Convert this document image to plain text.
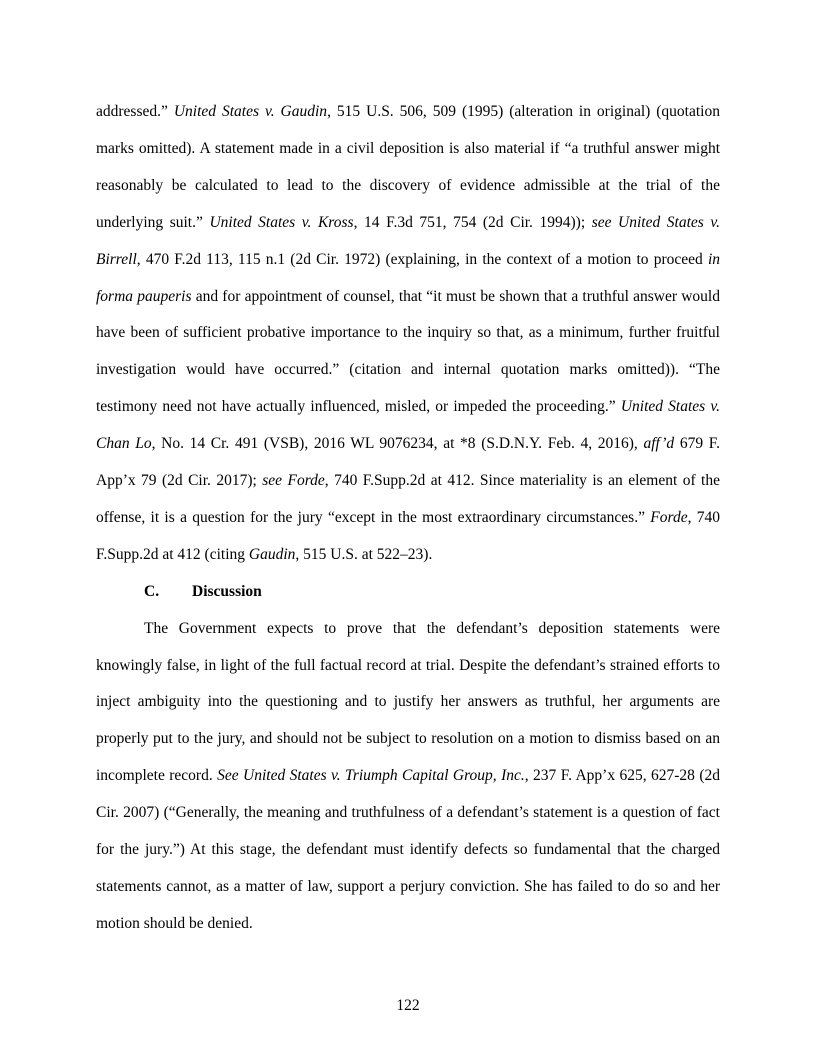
addressed.” United States v. Gaudin, 515 U.S. 506, 509 (1995) (alteration in original) (quotation marks omitted). A statement made in a civil deposition is also material if “a truthful answer might reasonably be calculated to lead to the discovery of evidence admissible at the trial of the underlying suit.” United States v. Kross, 14 F.3d 751, 754 (2d Cir. 1994)); see United States v. Birrell, 470 F.2d 113, 115 n.1 (2d Cir. 1972) (explaining, in the context of a motion to proceed in forma pauperis and for appointment of counsel, that “it must be shown that a truthful answer would have been of sufficient probative importance to the inquiry so that, as a minimum, further fruitful investigation would have occurred.” (citation and internal quotation marks omitted)). “The testimony need not have actually influenced, misled, or impeded the proceeding.” United States v. Chan Lo, No. 14 Cr. 491 (VSB), 2016 WL 9076234, at *8 (S.D.N.Y. Feb. 4, 2016), aff’d 679 F. App’x 79 (2d Cir. 2017); see Forde, 740 F.Supp.2d at 412. Since materiality is an element of the offense, it is a question for the jury “except in the most extraordinary circumstances.” Forde, 740 F.Supp.2d at 412 (citing Gaudin, 515 U.S. at 522–23).

C. Discussion

The Government expects to prove that the defendant’s deposition statements were knowingly false, in light of the full factual record at trial. Despite the defendant’s strained efforts to inject ambiguity into the questioning and to justify her answers as truthful, her arguments are properly put to the jury, and should not be subject to resolution on a motion to dismiss based on an incomplete record. See United States v. Triumph Capital Group, Inc., 237 F. App’x 625, 627-28 (2d Cir. 2007) (“Generally, the meaning and truthfulness of a defendant’s statement is a question of fact for the jury.”) At this stage, the defendant must identify defects so fundamental that the charged statements cannot, as a matter of law, support a perjury conviction. She has failed to do so and her motion should be denied.

122
